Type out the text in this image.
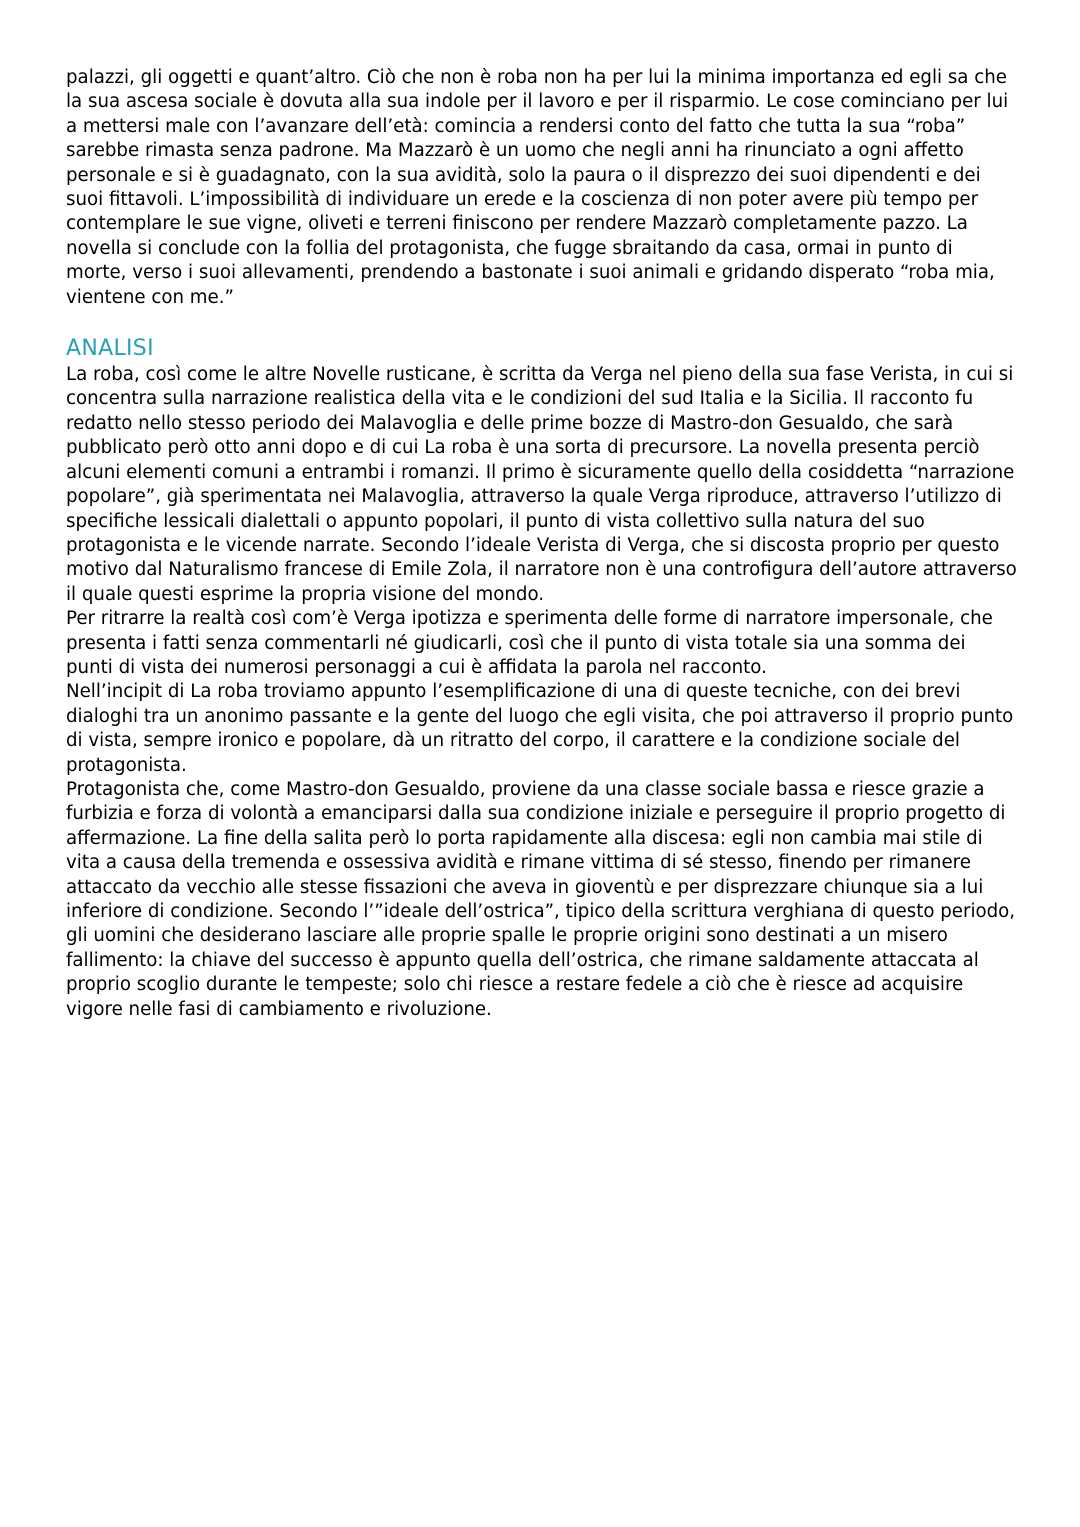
palazzi, gli oggetti e quant’altro. Ciò che non è roba non ha per lui la minima importanza ed egli sa che la sua ascesa sociale è dovuta alla sua indole per il lavoro e per il risparmio. Le cose cominciano per lui a mettersi male con l’avanzare dell’età: comincia a rendersi conto del fatto che tutta la sua “roba” sarebbe rimasta senza padrone. Ma Mazzarò è un uomo che negli anni ha rinunciato a ogni affetto personale e si è guadagnato, con la sua avidità, solo la paura o il disprezzo dei suoi dipendenti e dei suoi fittavoli. L’impossibilità di individuare un erede e la coscienza di non poter avere più tempo per contemplare le sue vigne, oliveti e terreni finiscono per rendere Mazzarò completamente pazzo. La novella si conclude con la follia del protagonista, che fugge sbraitando da casa, ormai in punto di morte, verso i suoi allevamenti, prendendo a bastonate i suoi animali e gridando disperato “roba mia, vientene con me.”

ANALISI

La roba, così come le altre Novelle rusticane, è scritta da Verga nel pieno della sua fase Verista, in cui si concentra sulla narrazione realistica della vita e le condizioni del sud Italia e la Sicilia. Il racconto fu redatto nello stesso periodo dei Malavoglia e delle prime bozze di Mastro-don Gesualdo, che sarà pubblicato però otto anni dopo e di cui La roba è una sorta di precursore. La novella presenta perciò alcuni elementi comuni a entrambi i romanzi. Il primo è sicuramente quello della cosiddetta “narrazione popolare”, già sperimentata nei Malavoglia, attraverso la quale Verga riproduce, attraverso l’utilizzo di specifiche lessicali dialettali o appunto popolari, il punto di vista collettivo sulla natura del suo protagonista e le vicende narrate. Secondo l’ideale Verista di Verga, che si discosta proprio per questo motivo dal Naturalismo francese di Emile Zola, il narratore non è una controfigura dell’autore attraverso il quale questi esprime la propria visione del mondo.

Per ritrarre la realtà così com’è Verga ipotizza e sperimenta delle forme di narratore impersonale, che presenta i fatti senza commentarli né giudicarli, così che il punto di vista totale sia una somma dei punti di vista dei numerosi personaggi a cui è affidata la parola nel racconto.

Nell’incipit di La roba troviamo appunto l’esemplificazione di una di queste tecniche, con dei brevi dialoghi tra un anonimo passante e la gente del luogo che egli visita, che poi attraverso il proprio punto di vista, sempre ironico e popolare, dà un ritratto del corpo, il carattere e la condizione sociale del protagonista.

Protagonista che, come Mastro-don Gesualdo, proviene da una classe sociale bassa e riesce grazie a furbizia e forza di volontà a emanciparsi dalla sua condizione iniziale e perseguire il proprio progetto di affermazione. La fine della salita però lo porta rapidamente alla discesa: egli non cambia mai stile di vita a causa della tremenda e ossessiva avidità e rimane vittima di sé stesso, finendo per rimanere attaccato da vecchio alle stesse fissazioni che aveva in gioventù e per disprezzare chiunque sia a lui inferiore di condizione. Secondo l’”ideale dell’ostrica”, tipico della scrittura verghiana di questo periodo, gli uomini che desiderano lasciare alle proprie spalle le proprie origini sono destinati a un misero fallimento: la chiave del successo è appunto quella dell’ostrica, che rimane saldamente attaccata al proprio scoglio durante le tempeste; solo chi riesce a restare fedele a ciò che è riesce ad acquisire vigore nelle fasi di cambiamento e rivoluzione.
